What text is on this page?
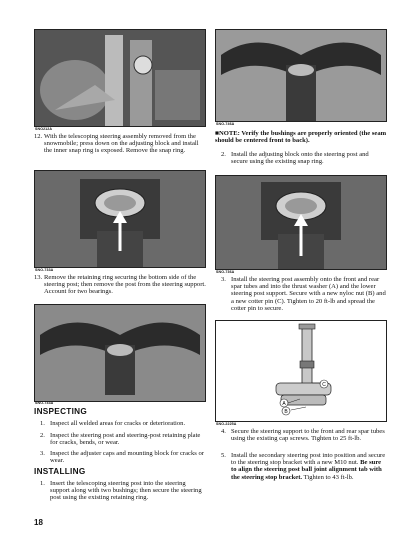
SNO212A
12. With the telescoping steering assembly removed from the snowmobile; press down on the adjusting block and install the inner snap ring is exposed. Remove the snap ring.
SNO-733A
13. Remove the retaining ring securing the bottom side of the steering post; then remove the post from the steering support. Account for two bearings.
SNO-743A
INSPECTING
1. Inspect all welded areas for cracks or deterioration.
2. Inspect the steering post and steering-post retaining plate for cracks, bends, or wear.
3. Inspect the adjuster caps and mounting block for cracks or wear.
INSTALLING
1. Insert the telescoping steering post into the steering support along with two bushings; then secure the steering post using the existing retaining ring.
SNO-746A
■NOTE: Verify the bushings are properly oriented (the seam should be centered front to back).
2. Install the adjusting block onto the steering post and secure using the existing snap ring.
SNO-736A
3. Install the steering post assembly onto the front and rear spar tubes and into the thrust washer (A) and the lower steering post support. Secure with a new nyloc nut (B) and a new cotter pin (C). Tighten to 20 ft-lb and spread the cotter pin to secure.
C
A
B
SNO-2225A
4. Secure the steering support to the front and rear spar tubes using the existing cap screws. Tighten to 25 ft-lb.
5. Install the secondary steering post into position and secure to the steering stop bracket with a new M10 nut. Be sure to align the steering post ball joint alignment tab with the steering stop bracket. Tighten to 43 ft-lb.
18
